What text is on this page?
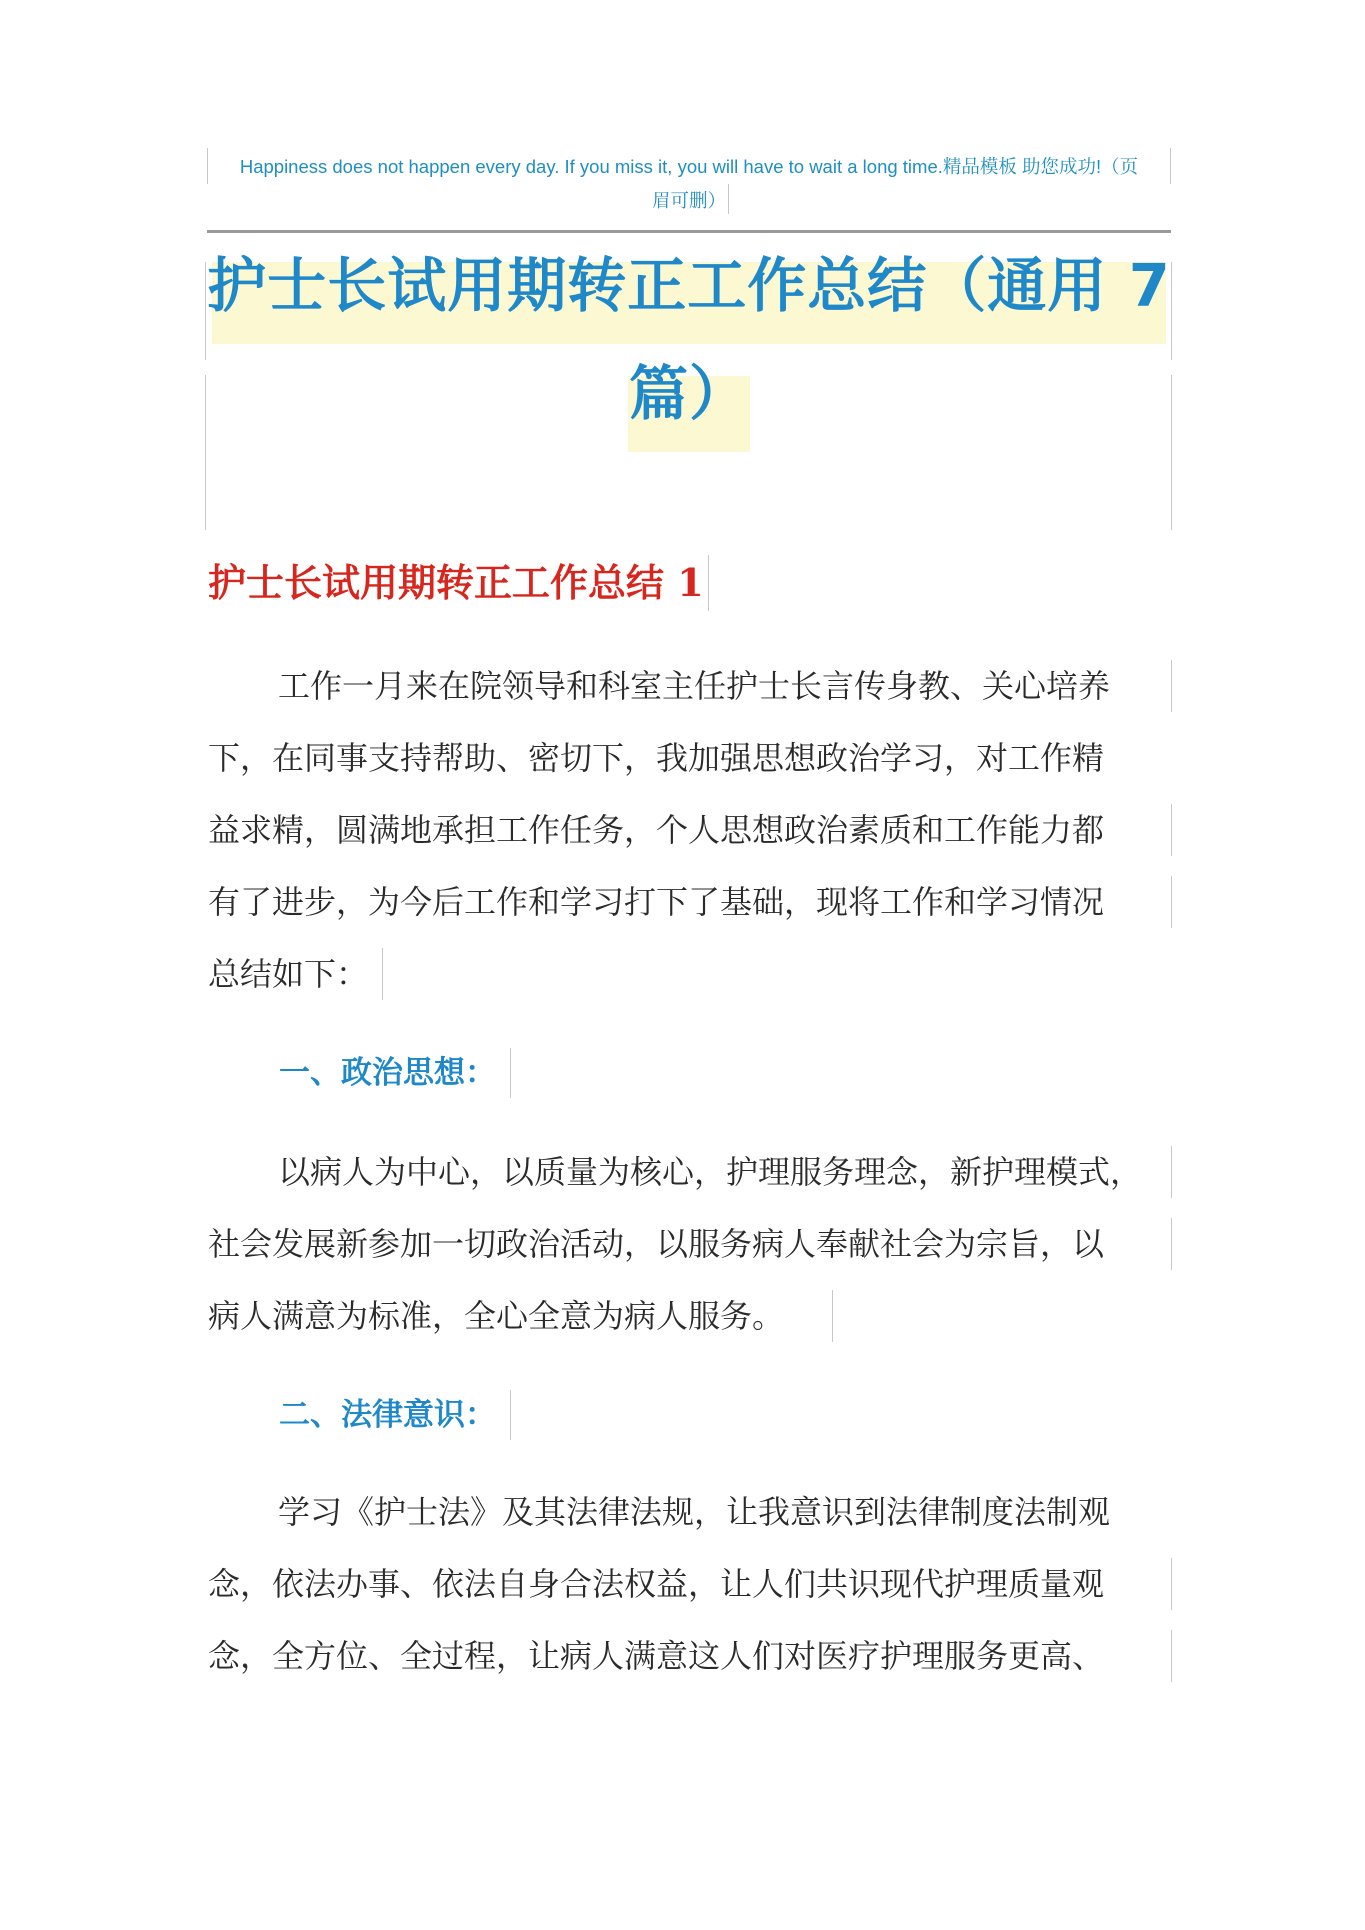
Happiness does not happen every day. If you miss it, you will have to wait a long time.精品模板 助您成功!（页
眉可删）
护士长试用期转正工作总结（通用 7
篇）
护士长试用期转正工作总结 1
工作一月来在院领导和科室主任护士长言传身教、关心培养
下，在同事支持帮助、密切下，我加强思想政治学习，对工作精
益求精，圆满地承担工作任务，个人思想政治素质和工作能力都
有了进步，为今后工作和学习打下了基础，现将工作和学习情况
总结如下：
一、政治思想：
以病人为中心，以质量为核心，护理服务理念，新护理模式，
社会发展新参加一切政治活动，以服务病人奉献社会为宗旨，以
病人满意为标准，全心全意为病人服务。
二、法律意识：
学习《护士法》及其法律法规，让我意识到法律制度法制观
念，依法办事、依法自身合法权益，让人们共识现代护理质量观
念，全方位、全过程，让病人满意这人们对医疗护理服务更高、
